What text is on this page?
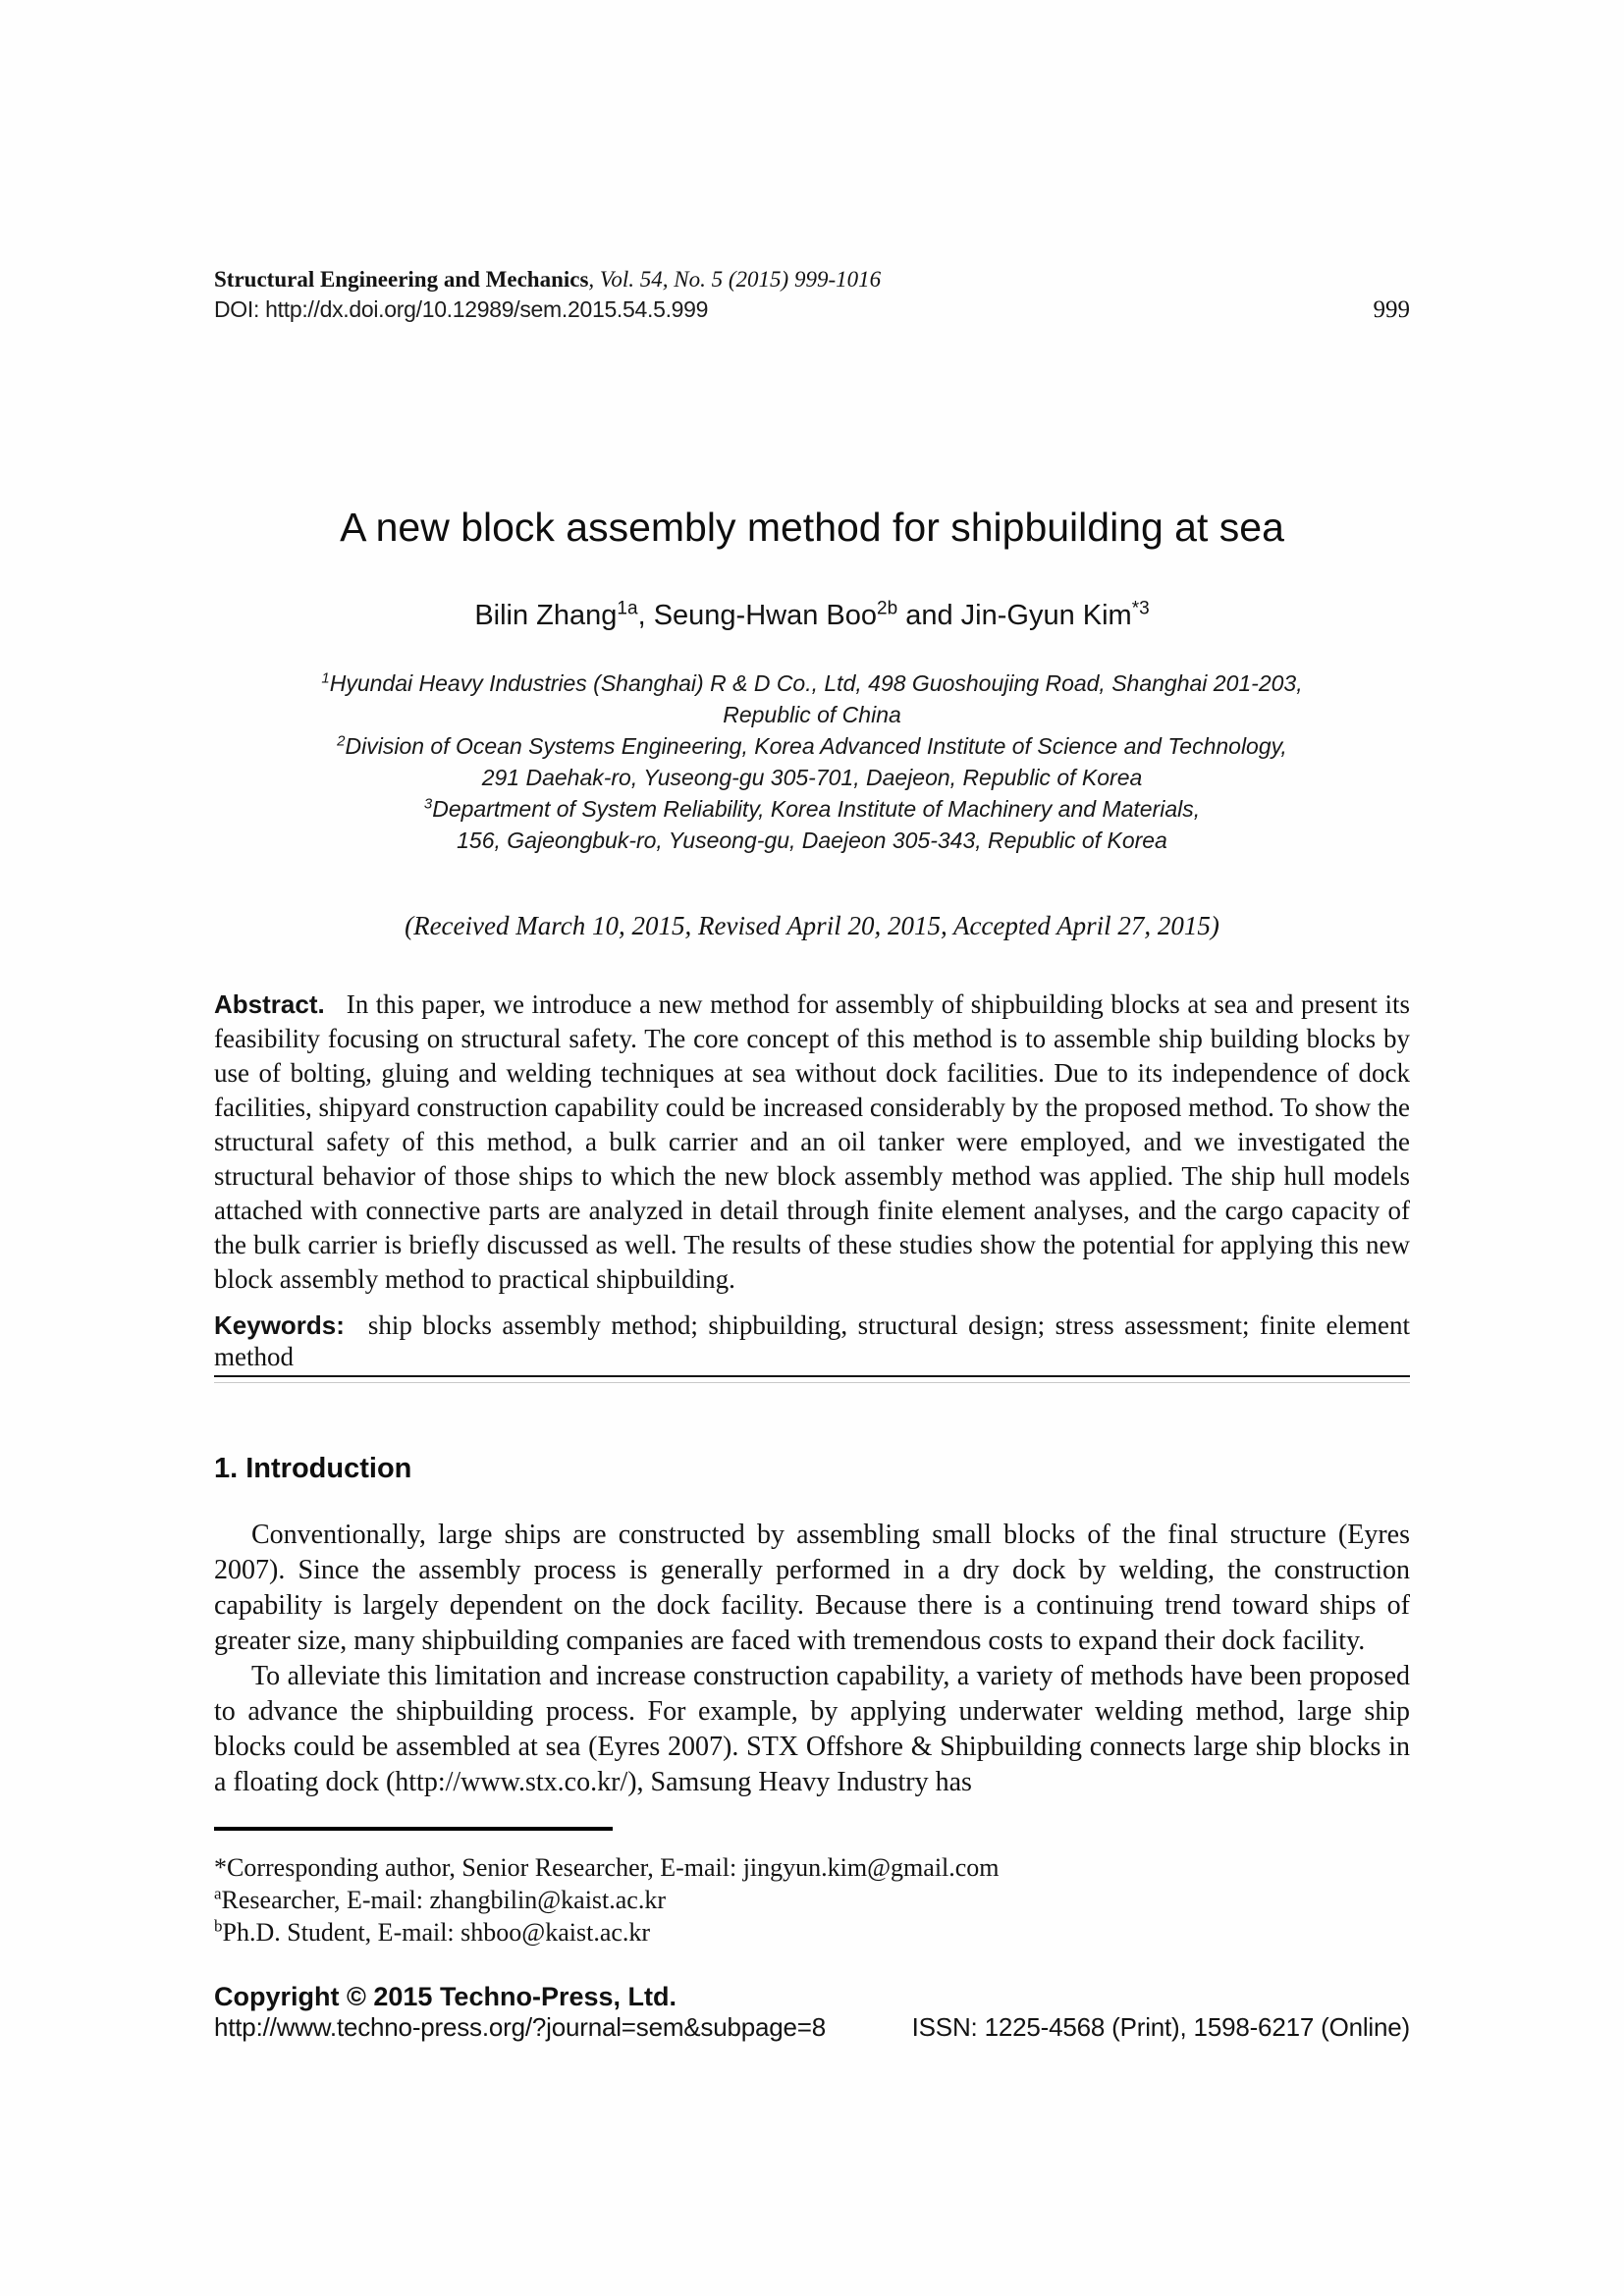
Structural Engineering and Mechanics, Vol. 54, No. 5 (2015) 999-1016
DOI: http://dx.doi.org/10.12989/sem.2015.54.5.999	999
A new block assembly method for shipbuilding at sea
Bilin Zhang$^{1a}$, Seung-Hwan Boo$^{2b}$ and Jin-Gyun Kim$^{*3}$
$^1$Hyundai Heavy Industries (Shanghai) R & D Co., Ltd, 498 Guoshoujing Road, Shanghai 201-203,
Republic of China
$^2$Division of Ocean Systems Engineering, Korea Advanced Institute of Science and Technology,
291 Daehak-ro, Yuseong-gu 305-701, Daejeon, Republic of Korea
$^3$Department of System Reliability, Korea Institute of Machinery and Materials,
156, Gajeongbuk-ro, Yuseong-gu, Daejeon 305-343, Republic of Korea
(Received March 10, 2015, Revised April 20, 2015, Accepted April 27, 2015)
Abstract. In this paper, we introduce a new method for assembly of shipbuilding blocks at sea and present its feasibility focusing on structural safety. The core concept of this method is to assemble ship building blocks by use of bolting, gluing and welding techniques at sea without dock facilities. Due to its independence of dock facilities, shipyard construction capability could be increased considerably by the proposed method. To show the structural safety of this method, a bulk carrier and an oil tanker were employed, and we investigated the structural behavior of those ships to which the new block assembly method was applied. The ship hull models attached with connective parts are analyzed in detail through finite element analyses, and the cargo capacity of the bulk carrier is briefly discussed as well. The results of these studies show the potential for applying this new block assembly method to practical shipbuilding.
Keywords: ship blocks assembly method; shipbuilding, structural design; stress assessment; finite element method
1. Introduction

Conventionally, large ships are constructed by assembling small blocks of the final structure (Eyres 2007). Since the assembly process is generally performed in a dry dock by welding, the construction capability is largely dependent on the dock facility. Because there is a continuing trend toward ships of greater size, many shipbuilding companies are faced with tremendous costs to expand their dock facility.

To alleviate this limitation and increase construction capability, a variety of methods have been proposed to advance the shipbuilding process. For example, by applying underwater welding method, large ship blocks could be assembled at sea (Eyres 2007). STX Offshore & Shipbuilding connects large ship blocks in a floating dock (http://www.stx.co.kr/), Samsung Heavy Industry has

*Corresponding author, Senior Researcher, E-mail: jingyun.kim@gmail.com
$^a$Researcher, E-mail: zhangbilin@kaist.ac.kr
$^b$Ph.D. Student, E-mail: shboo@kaist.ac.kr
Copyright © 2015 Techno-Press, Ltd.
http://www.techno-press.org/?journal=sem&subpage=8	ISSN: 1225-4568 (Print), 1598-6217 (Online)
